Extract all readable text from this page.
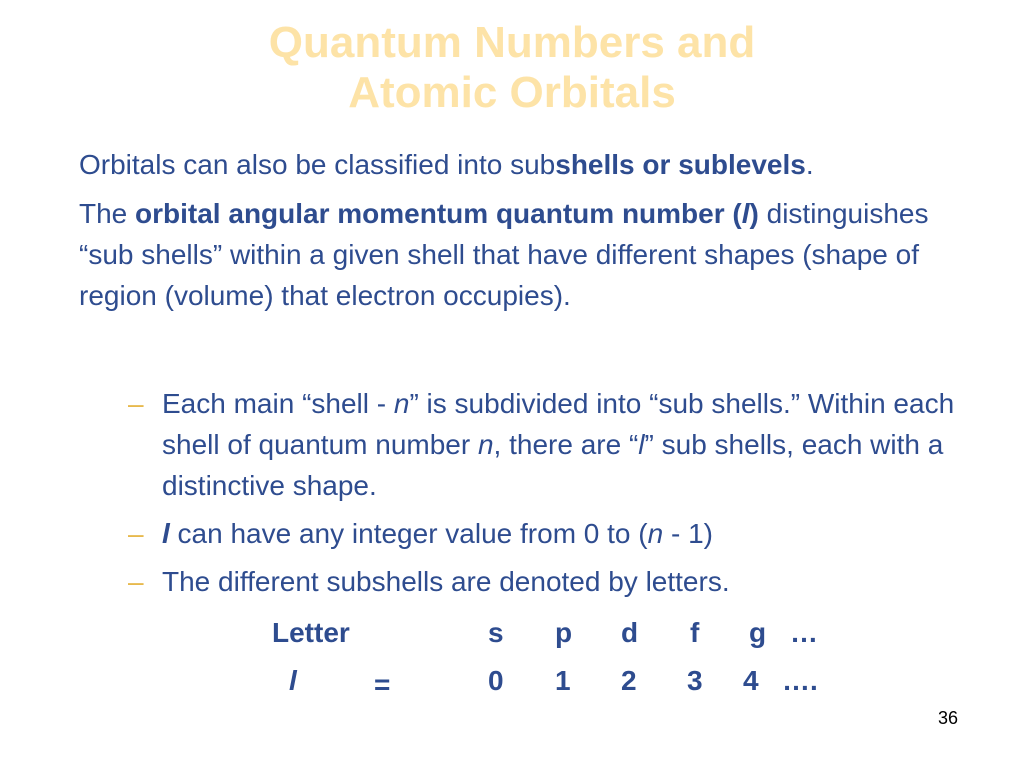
Quantum Numbers and
Atomic Orbitals
Orbitals can also be classified into subshells or sublevels.
The orbital angular momentum quantum number (l) distinguishes “sub shells” within a given shell that have different shapes (shape of region (volume) that electron occupies).
– Each main “shell - n” is subdivided into “sub shells.” Within each shell of quantum number n, there are “l” sub shells, each with a distinctive shape.
– l can have any integer value from 0 to (n - 1)
– The different subshells are denoted by letters.
Letter	s p d f g …
l	=	0 1 2 3 4 ….
36
